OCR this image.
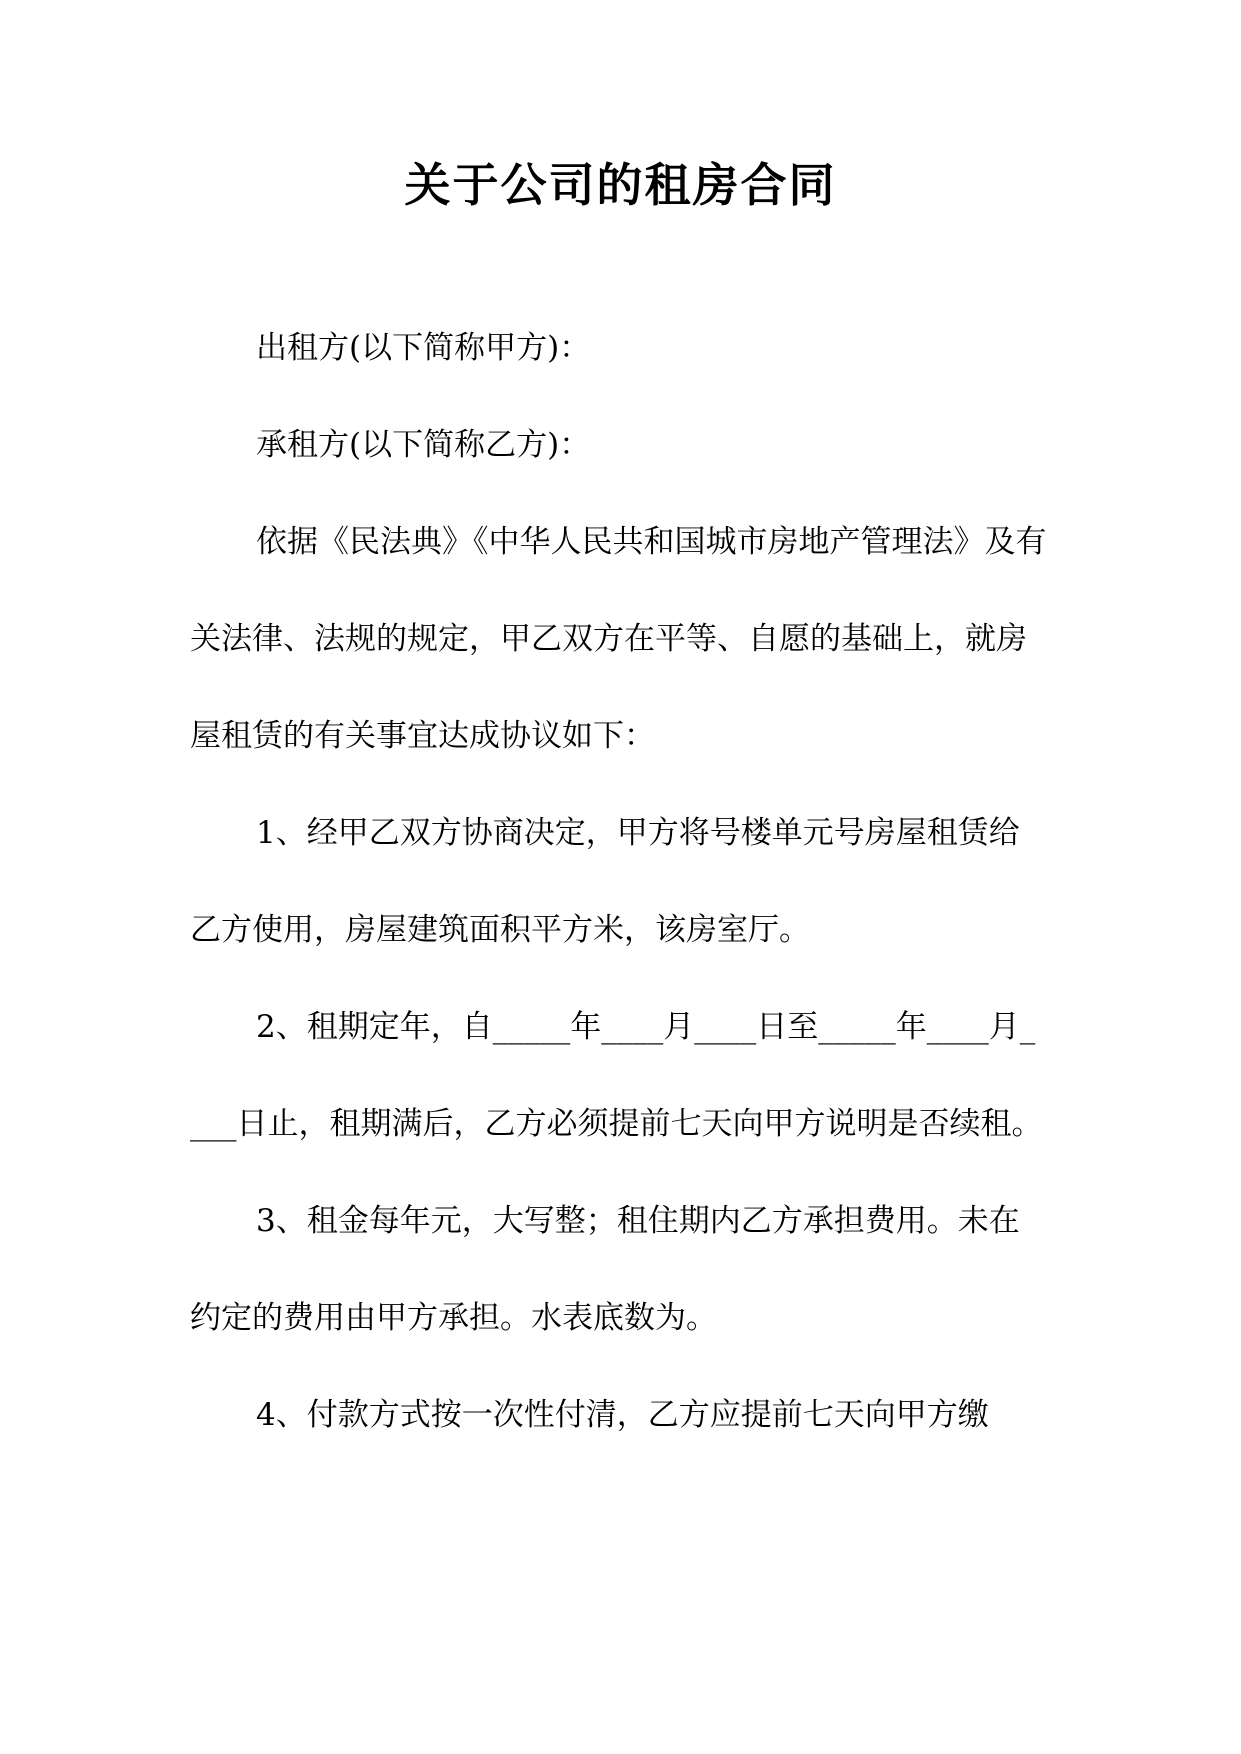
关于公司的租房合同

出租方(以下简称甲方)：

承租方(以下简称乙方)：

依据《民法典》《中华人民共和国城市房地产管理法》及有关法律、法规的规定，甲乙双方在平等、自愿的基础上，就房屋租赁的有关事宜达成协议如下：

1、经甲乙双方协商决定，甲方将号楼单元号房屋租赁给乙方使用，房屋建筑面积平方米，该房室厅。

2、租期定年，自_____年____月____日至_____年____月____日止，租期满后，乙方必须提前七天向甲方说明是否续租。

3、租金每年元，大写整；租住期内乙方承担费用。未在约定的费用由甲方承担。水表底数为。

4、付款方式按一次性付清，乙方应提前七天向甲方缴
